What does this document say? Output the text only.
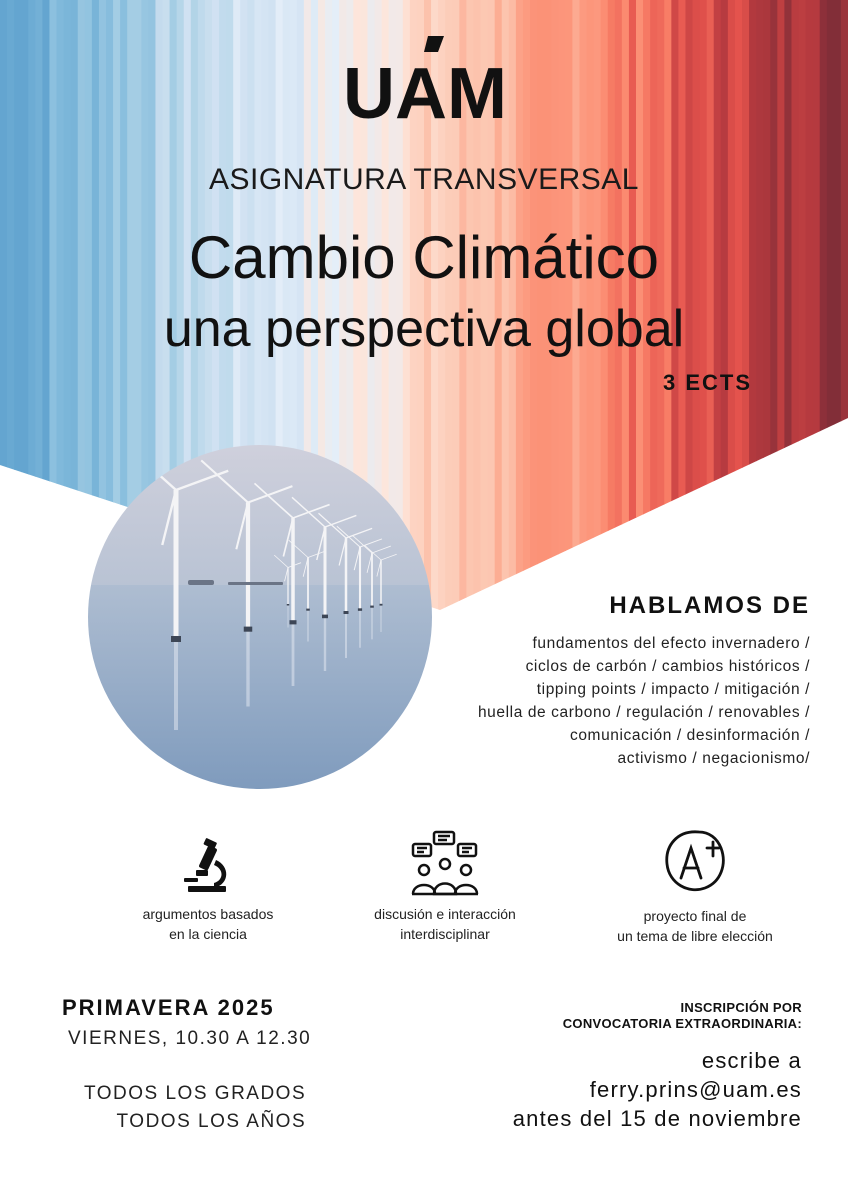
UAM
ASIGNATURA TRANSVERSAL
Cambio Climático
una perspectiva global
3 ECTS
HABLAMOS DE
fundamentos del efecto invernadero /
ciclos de carbón / cambios históricos /
tipping points / impacto / mitigación /
huella de carbono / regulación / renovables /
comunicación / desinformación /
activismo / negacionismo/
argumentos basados
en la ciencia
discusión e interacción
interdisciplinar
proyecto final de
un tema de libre elección
PRIMAVERA 2025
VIERNES, 10.30 A 12.30
TODOS LOS GRADOS
TODOS LOS AÑOS
INSCRIPCIÓN POR
CONVOCATORIA EXTRAORDINARIA:
escribe a
ferry.prins@uam.es
antes del 15 de noviembre
